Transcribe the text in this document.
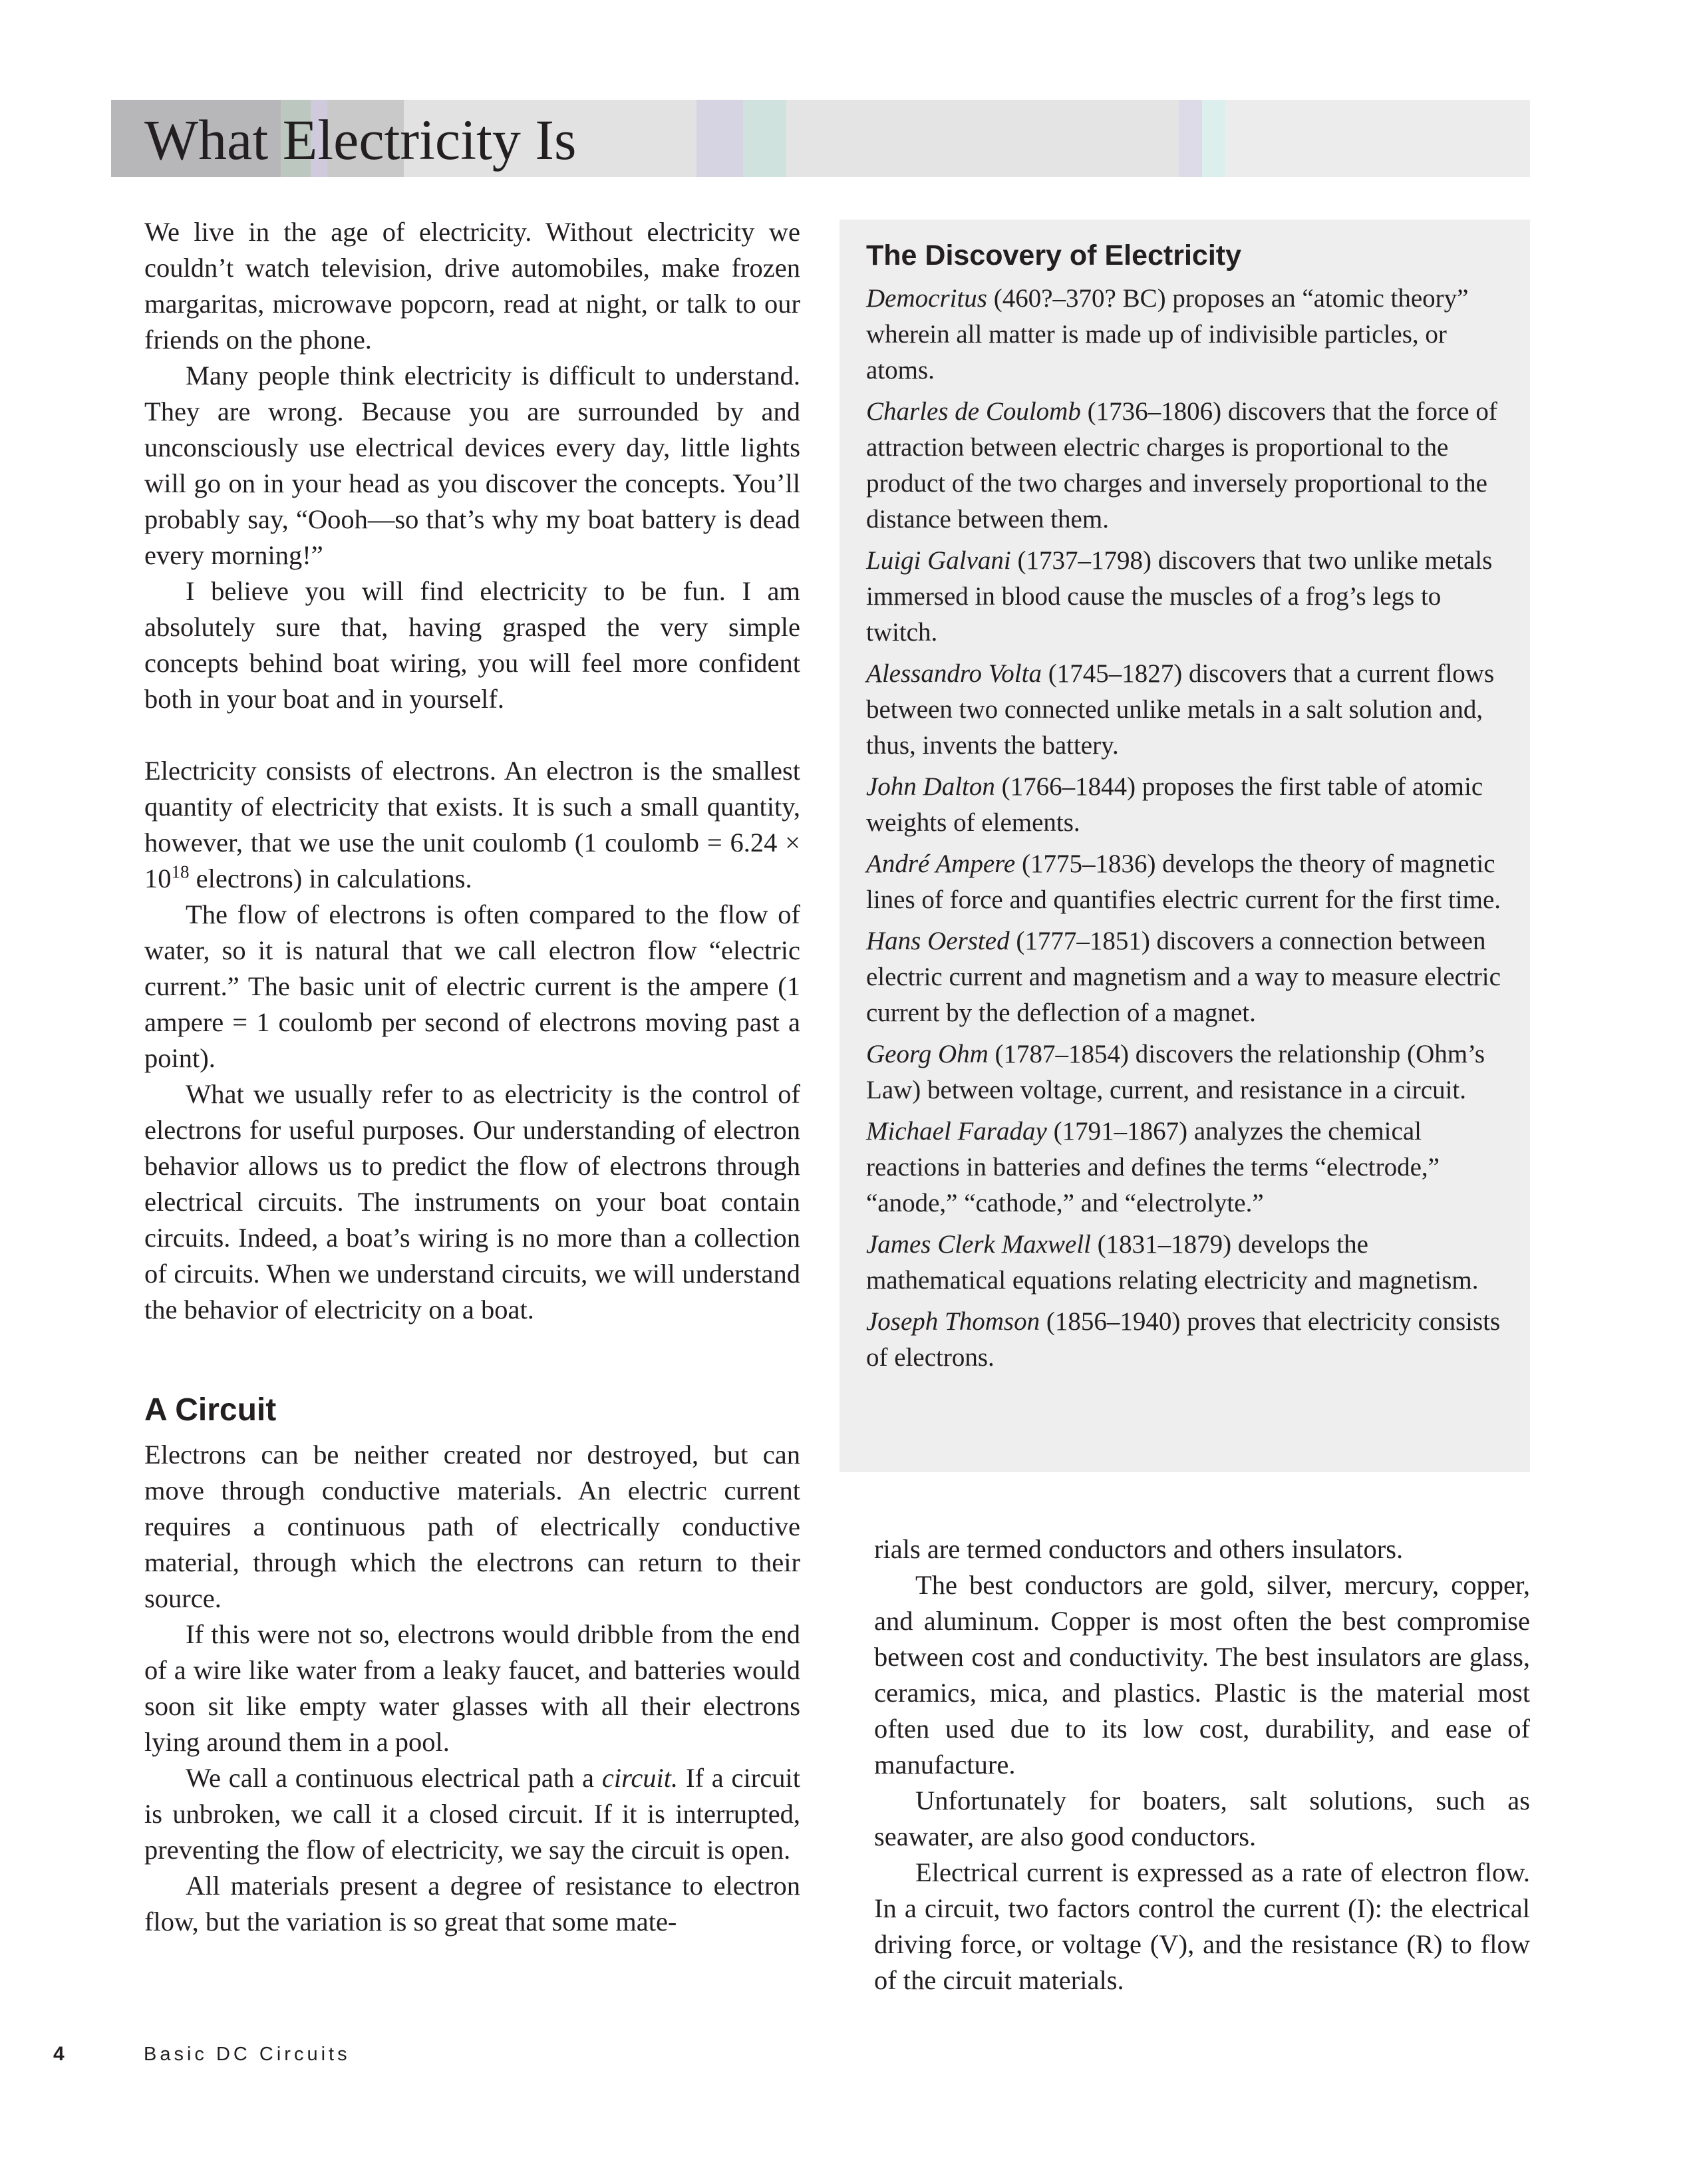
What Electricity Is

We live in the age of electricity. Without electricity we couldn’t watch television, drive automobiles, make frozen margaritas, microwave popcorn, read at night, or talk to our friends on the phone.

Many people think electricity is difficult to understand. They are wrong. Because you are surrounded by and unconsciously use electrical devices every day, little lights will go on in your head as you discover the concepts. You’ll probably say, “Oooh—so that’s why my boat battery is dead every morning!”

I believe you will find electricity to be fun. I am absolutely sure that, having grasped the very simple concepts behind boat wiring, you will feel more confident both in your boat and in yourself.

Electricity consists of electrons. An electron is the smallest quantity of electricity that exists. It is such a small quantity, however, that we use the unit coulomb (1 coulomb = $6.24 \times 10^{18}$ electrons) in calculations.

The flow of electrons is often compared to the flow of water, so it is natural that we call electron flow “electric current.” The basic unit of electric current is the ampere (1 ampere = 1 coulomb per second of electrons moving past a point).

What we usually refer to as electricity is the control of electrons for useful purposes. Our understanding of electron behavior allows us to predict the flow of electrons through electrical circuits. The instruments on your boat contain circuits. Indeed, a boat’s wiring is no more than a collection of circuits. When we understand circuits, we will understand the behavior of electricity on a boat.

A Circuit

Electrons can be neither created nor destroyed, but can move through conductive materials. An electric current requires a continuous path of electrically conductive material, through which the electrons can return to their source.

If this were not so, electrons would dribble from the end of a wire like water from a leaky faucet, and batteries would soon sit like empty water glasses with all their electrons lying around them in a pool.

We call a continuous electrical path a circuit. If a circuit is unbroken, we call it a closed circuit. If it is interrupted, preventing the flow of electricity, we say the circuit is open.

All materials present a degree of resistance to electron flow, but the variation is so great that some mate-

The Discovery of Electricity

Democritus (460?–370? BC) proposes an “atomic theory” wherein all matter is made up of indivisible particles, or atoms.

Charles de Coulomb (1736–1806) discovers that the force of attraction between electric charges is proportional to the product of the two charges and inversely proportional to the distance between them.

Luigi Galvani (1737–1798) discovers that two unlike metals immersed in blood cause the muscles of a frog’s legs to twitch.

Alessandro Volta (1745–1827) discovers that a current flows between two connected unlike metals in a salt solution and, thus, invents the battery.

John Dalton (1766–1844) proposes the first table of atomic weights of elements.

André Ampere (1775–1836) develops the theory of magnetic lines of force and quantifies electric current for the first time.

Hans Oersted (1777–1851) discovers a connection between electric current and magnetism and a way to measure electric current by the deflection of a magnet.

Georg Ohm (1787–1854) discovers the relationship (Ohm’s Law) between voltage, current, and resistance in a circuit.

Michael Faraday (1791–1867) analyzes the chemical reactions in batteries and defines the terms “electrode,” “anode,” “cathode,” and “electrolyte.”

James Clerk Maxwell (1831–1879) develops the mathematical equations relating electricity and magnetism.

Joseph Thomson (1856–1940) proves that electricity consists of electrons.

rials are termed conductors and others insulators.

The best conductors are gold, silver, mercury, copper, and aluminum. Copper is most often the best compromise between cost and conductivity. The best insulators are glass, ceramics, mica, and plastics. Plastic is the material most often used due to its low cost, durability, and ease of manufacture.

Unfortunately for boaters, salt solutions, such as seawater, are also good conductors.

Electrical current is expressed as a rate of electron flow. In a circuit, two factors control the current (I): the electrical driving force, or voltage (V), and the resistance (R) to flow of the circuit materials.

4	Basic DC Circuits
